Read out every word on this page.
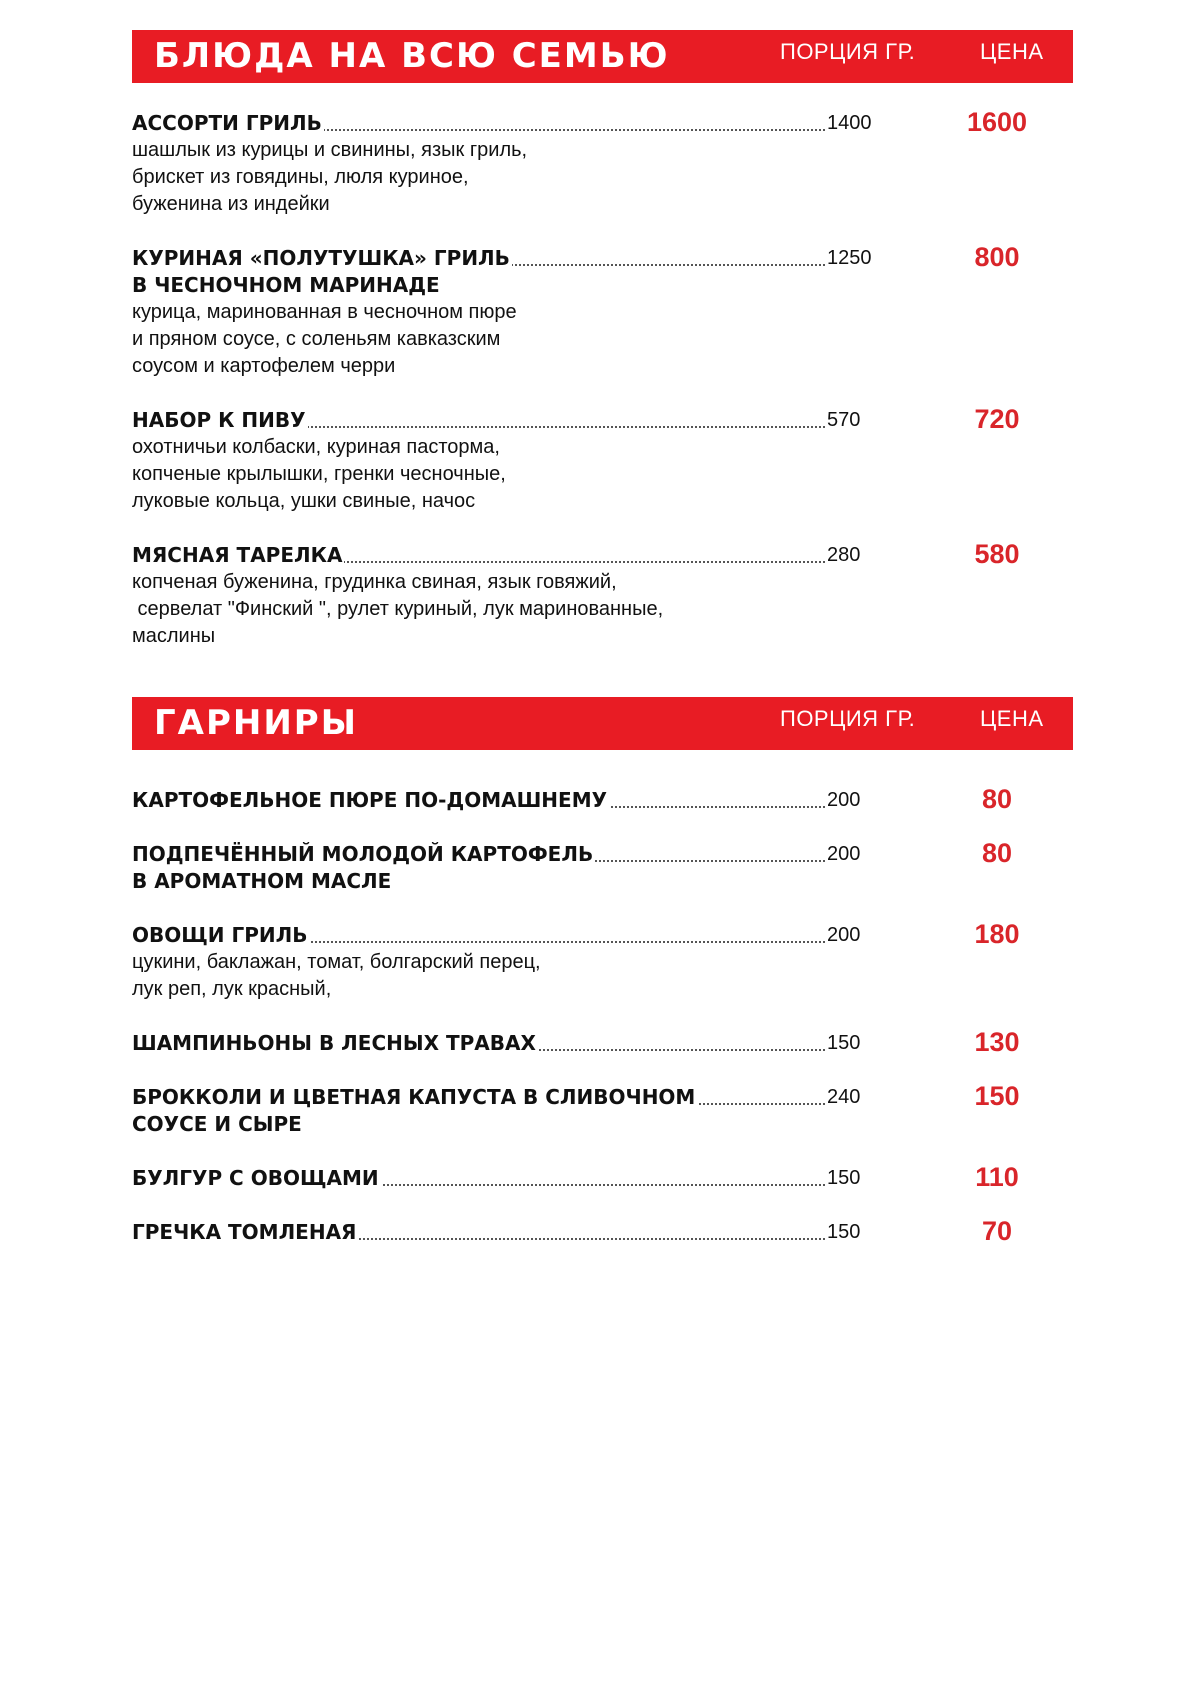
БЛЮДА НА ВСЮ СЕМЬЮ	ПОРЦИЯ ГР.	ЦЕНА
АССОРТИ ГРИЛЬ	1400	1600
шашлык из курицы и свинины, язык гриль,
брискет из говядины, люля куриное,
буженина из индейки
КУРИНАЯ «ПОЛУТУШКА» ГРИЛЬ	1250	800
В ЧЕСНОЧНОМ МАРИНАДЕ
курица, маринованная в чесночном пюре
и пряном соусе, с соленьям кавказским
соусом и картофелем черри
НАБОР К ПИВУ	570	720
охотничьи колбаски, куриная пасторма,
копченые крылышки, гренки чесночные,
луковые кольца, ушки свиные, начос
МЯСНАЯ ТАРЕЛКА	280	580
копченая буженина, грудинка свиная, язык говяжий,
сервелат "Финский ", рулет куриный, лук маринованные,
маслины
ГАРНИРЫ	ПОРЦИЯ ГР.	ЦЕНА
КАРТОФЕЛЬНОЕ ПЮРЕ ПО-ДОМАШНЕМУ	200	80
ПОДПЕЧЁННЫЙ МОЛОДОЙ КАРТОФЕЛЬ	200	80
В АРОМАТНОМ МАСЛЕ
ОВОЩИ ГРИЛЬ	200	180
цукини, баклажан, томат, болгарский перец,
лук реп, лук красный,
ШАМПИНЬОНЫ В ЛЕСНЫХ ТРАВАХ	150	130
БРОККОЛИ И ЦВЕТНАЯ КАПУСТА В СЛИВОЧНОМ	240	150
СОУСЕ И СЫРЕ
БУЛГУР С ОВОЩАМИ	150	110
ГРЕЧКА ТОМЛЕНАЯ	150	70
